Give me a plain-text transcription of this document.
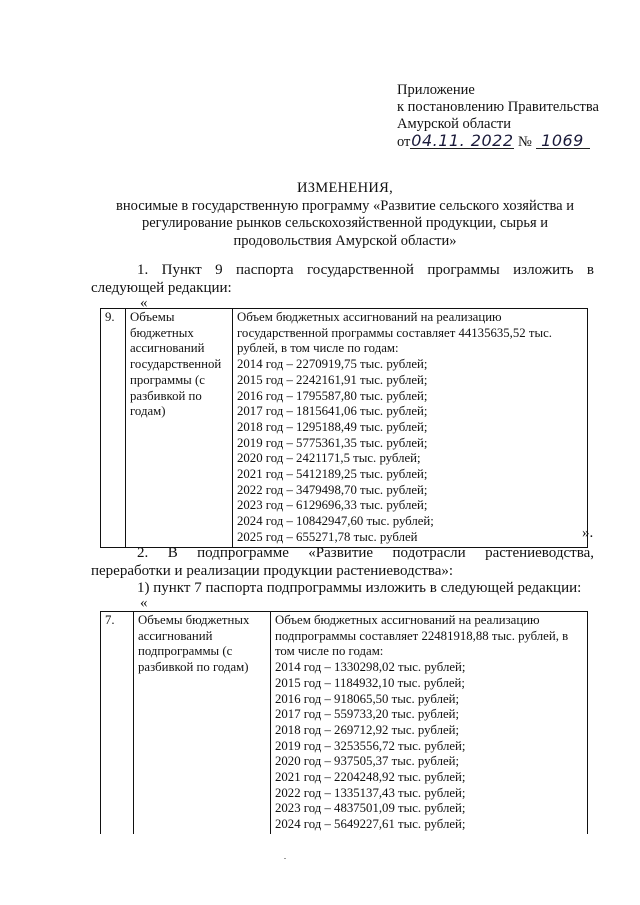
Приложение
к постановлению Правительства
Амурской области
от04.11. 2022 № 1069
ИЗМЕНЕНИЯ,
вносимые в государственную программу «Развитие сельского хозяйства и
регулирование рынков сельскохозяйственной продукции, сырья и
продовольствия Амурской области»
1. Пункт 9 паспорта государственной программы изложить в следующей редакции:
«
9.	Объемы бюджетных ассигнований государственной программы (с разбивкой по годам)	Объем бюджетных ассигнований на реализацию государственной программы составляет 44135635,52 тыс. рублей, в том числе по годам:
2014 год – 2270919,75 тыс. рублей;
2015 год – 2242161,91 тыс. рублей;
2016 год – 1795587,80 тыс. рублей;
2017 год – 1815641,06 тыс. рублей;
2018 год – 1295188,49 тыс. рублей;
2019 год – 5775361,35 тыс. рублей;
2020 год – 2421171,5 тыс. рублей;
2021 год – 5412189,25 тыс. рублей;
2022 год – 3479498,70 тыс. рублей;
2023 год – 6129696,33 тыс. рублей;
2024 год – 10842947,60 тыс. рублей;
2025 год – 655271,78 тыс. рублей	».
2. В подпрограмме «Развитие подотрасли растениеводства, переработки и реализации продукции растениеводства»:
1) пункт 7 паспорта подпрограммы изложить в следующей редакции:
«
7.	Объемы бюджетных ассигнований подпрограммы (с разбивкой по годам)	Объем бюджетных ассигнований на реализацию подпрограммы составляет 22481918,88 тыс. рублей, в том числе по годам:
2014 год – 1330298,02 тыс. рублей;
2015 год – 1184932,10 тыс. рублей;
2016 год – 918065,50 тыс. рублей;
2017 год – 559733,20 тыс. рублей;
2018 год – 269712,92 тыс. рублей;
2019 год – 3253556,72 тыс. рублей;
2020 год – 937505,37 тыс. рублей;
2021 год – 2204248,92 тыс. рублей;
2022 год – 1335137,43 тыс. рублей;
2023 год – 4837501,09 тыс. рублей;
2024 год – 5649227,61 тыс. рублей;
